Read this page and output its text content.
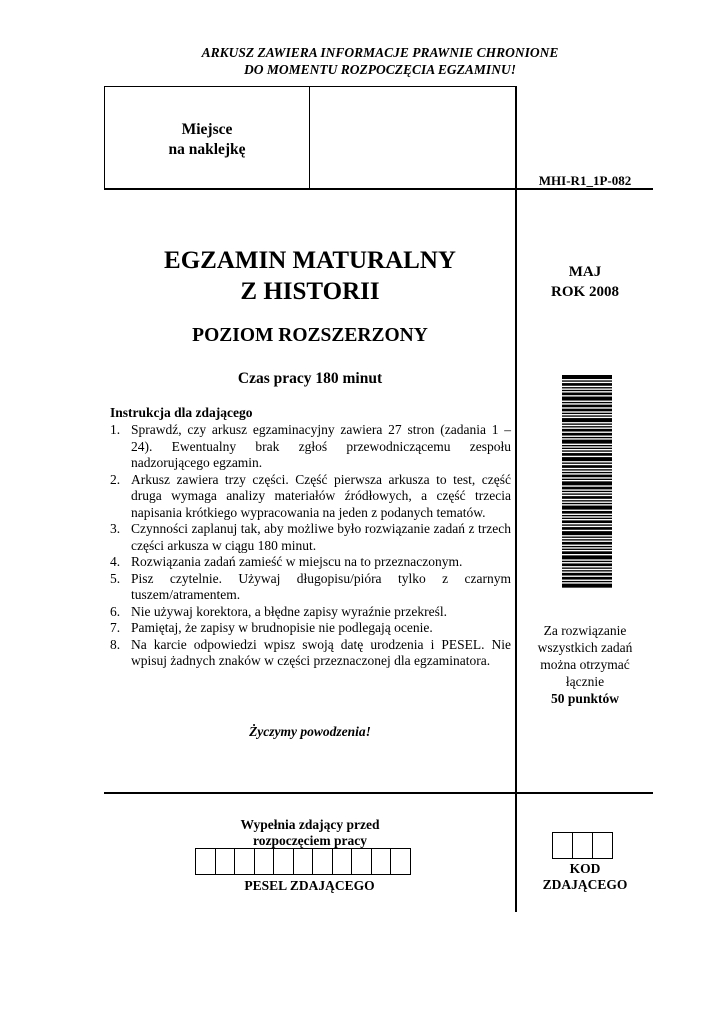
ARKUSZ ZAWIERA INFORMACJE PRAWNIE CHRONIONE
DO MOMENTU ROZPOCZĘCIA EGZAMINU!
Miejsce
na naklejkę
MHI-R1_1P-082
EGZAMIN MATURALNY
Z HISTORII
POZIOM ROZSZERZONY
Czas pracy 180 minut
MAJ
ROK 2008
Za rozwiązanie
wszystkich zadań
można otrzymać
łącznie
50 punktów
Instrukcja dla zdającego
1. Sprawdź, czy arkusz egzaminacyjny zawiera 27 stron (zadania 1 – 24). Ewentualny brak zgłoś przewodniczącemu zespołu nadzorującego egzamin.
2. Arkusz zawiera trzy części. Część pierwsza arkusza to test, część druga wymaga analizy materiałów źródłowych, a część trzecia napisania krótkiego wypracowania na jeden z podanych tematów.
3. Czynności zaplanuj tak, aby możliwe było rozwiązanie zadań z trzech części arkusza w ciągu 180 minut.
4. Rozwiązania zadań zamieść w miejscu na to przeznaczonym.
5. Pisz czytelnie. Używaj długopisu/pióra tylko z czarnym tuszem/atramentem.
6. Nie używaj korektora, a błędne zapisy wyraźnie przekreśl.
7. Pamiętaj, że zapisy w brudnopisie nie podlegają ocenie.
8. Na karcie odpowiedzi wpisz swoją datę urodzenia i PESEL. Nie wpisuj żadnych znaków w części przeznaczonej dla egzaminatora.
Życzymy powodzenia!
Wypełnia zdający przed
rozpoczęciem pracy
PESEL ZDAJĄCEGO
KOD
ZDAJĄCEGO
